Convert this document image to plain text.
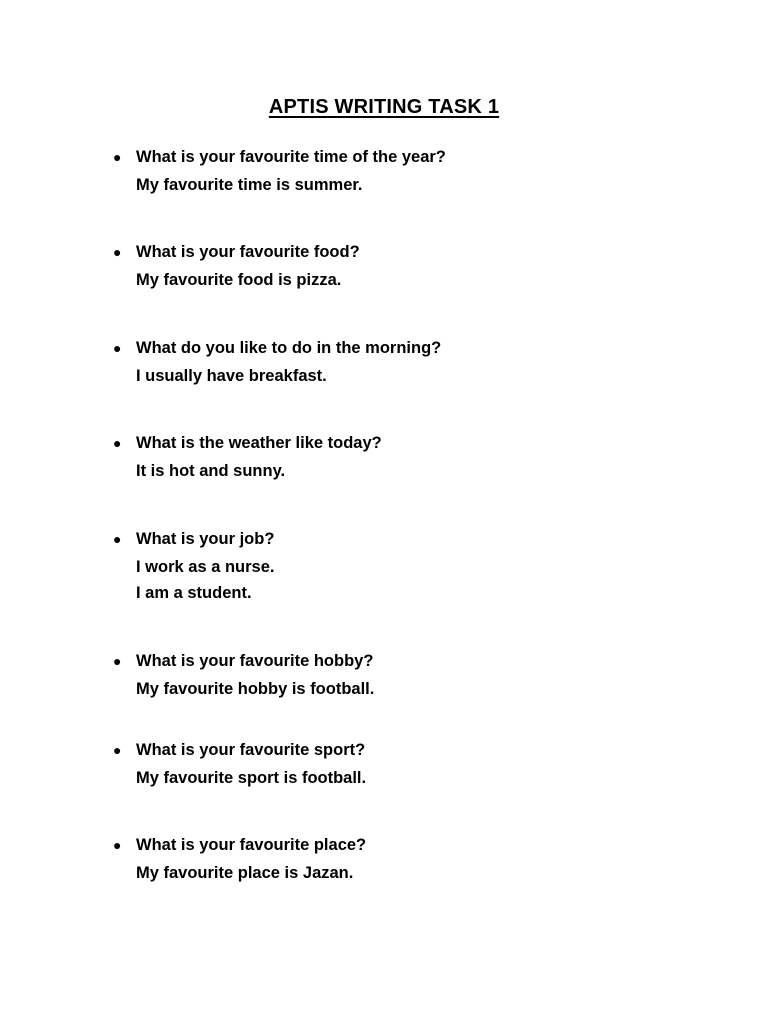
APTIS WRITING TASK 1
● What is your favourite time of the year?
My favourite time is summer.
● What is your favourite food?
My favourite food is pizza.
● What do you like to do in the morning?
I usually have breakfast.
● What is the weather like today?
It is hot and sunny.
● What is your job?
I work as a nurse.
I am a student.
● What is your favourite hobby?
My favourite hobby is football.
● What is your favourite sport?
My favourite sport is football.
● What is your favourite place?
My favourite place is Jazan.
